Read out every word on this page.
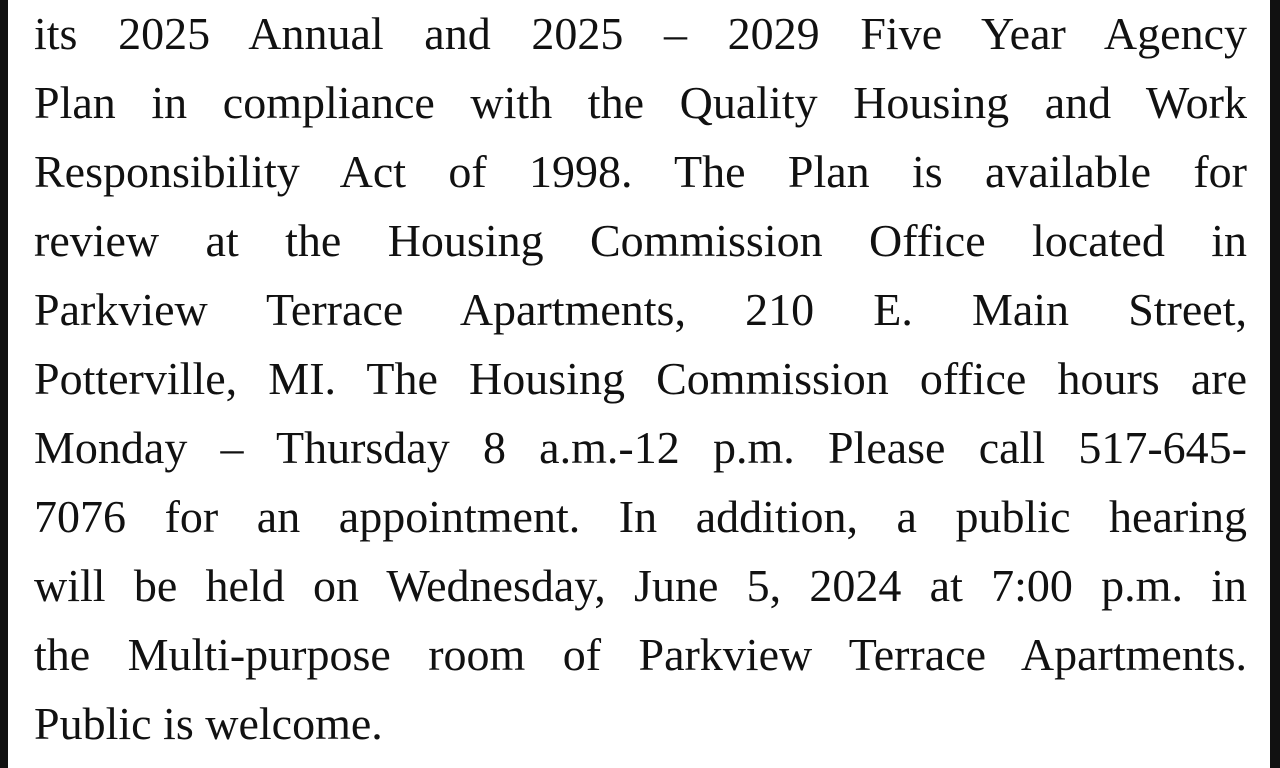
its 2025 Annual and 2025 – 2029 Five Year Agency
Plan in compliance with the Quality Housing and Work
Responsibility Act of 1998. The Plan is available for
review at the Housing Commission Office located in
Parkview Terrace Apartments, 210 E. Main Street,
Potterville, MI. The Housing Commission office hours are
Monday – Thursday 8 a.m.-12 p.m. Please call 517-645-
7076 for an appointment. In addition, a public hearing
will be held on Wednesday, June 5, 2024 at 7:00 p.m. in
the Multi-purpose room of Parkview Terrace Apartments.
Public is welcome.
